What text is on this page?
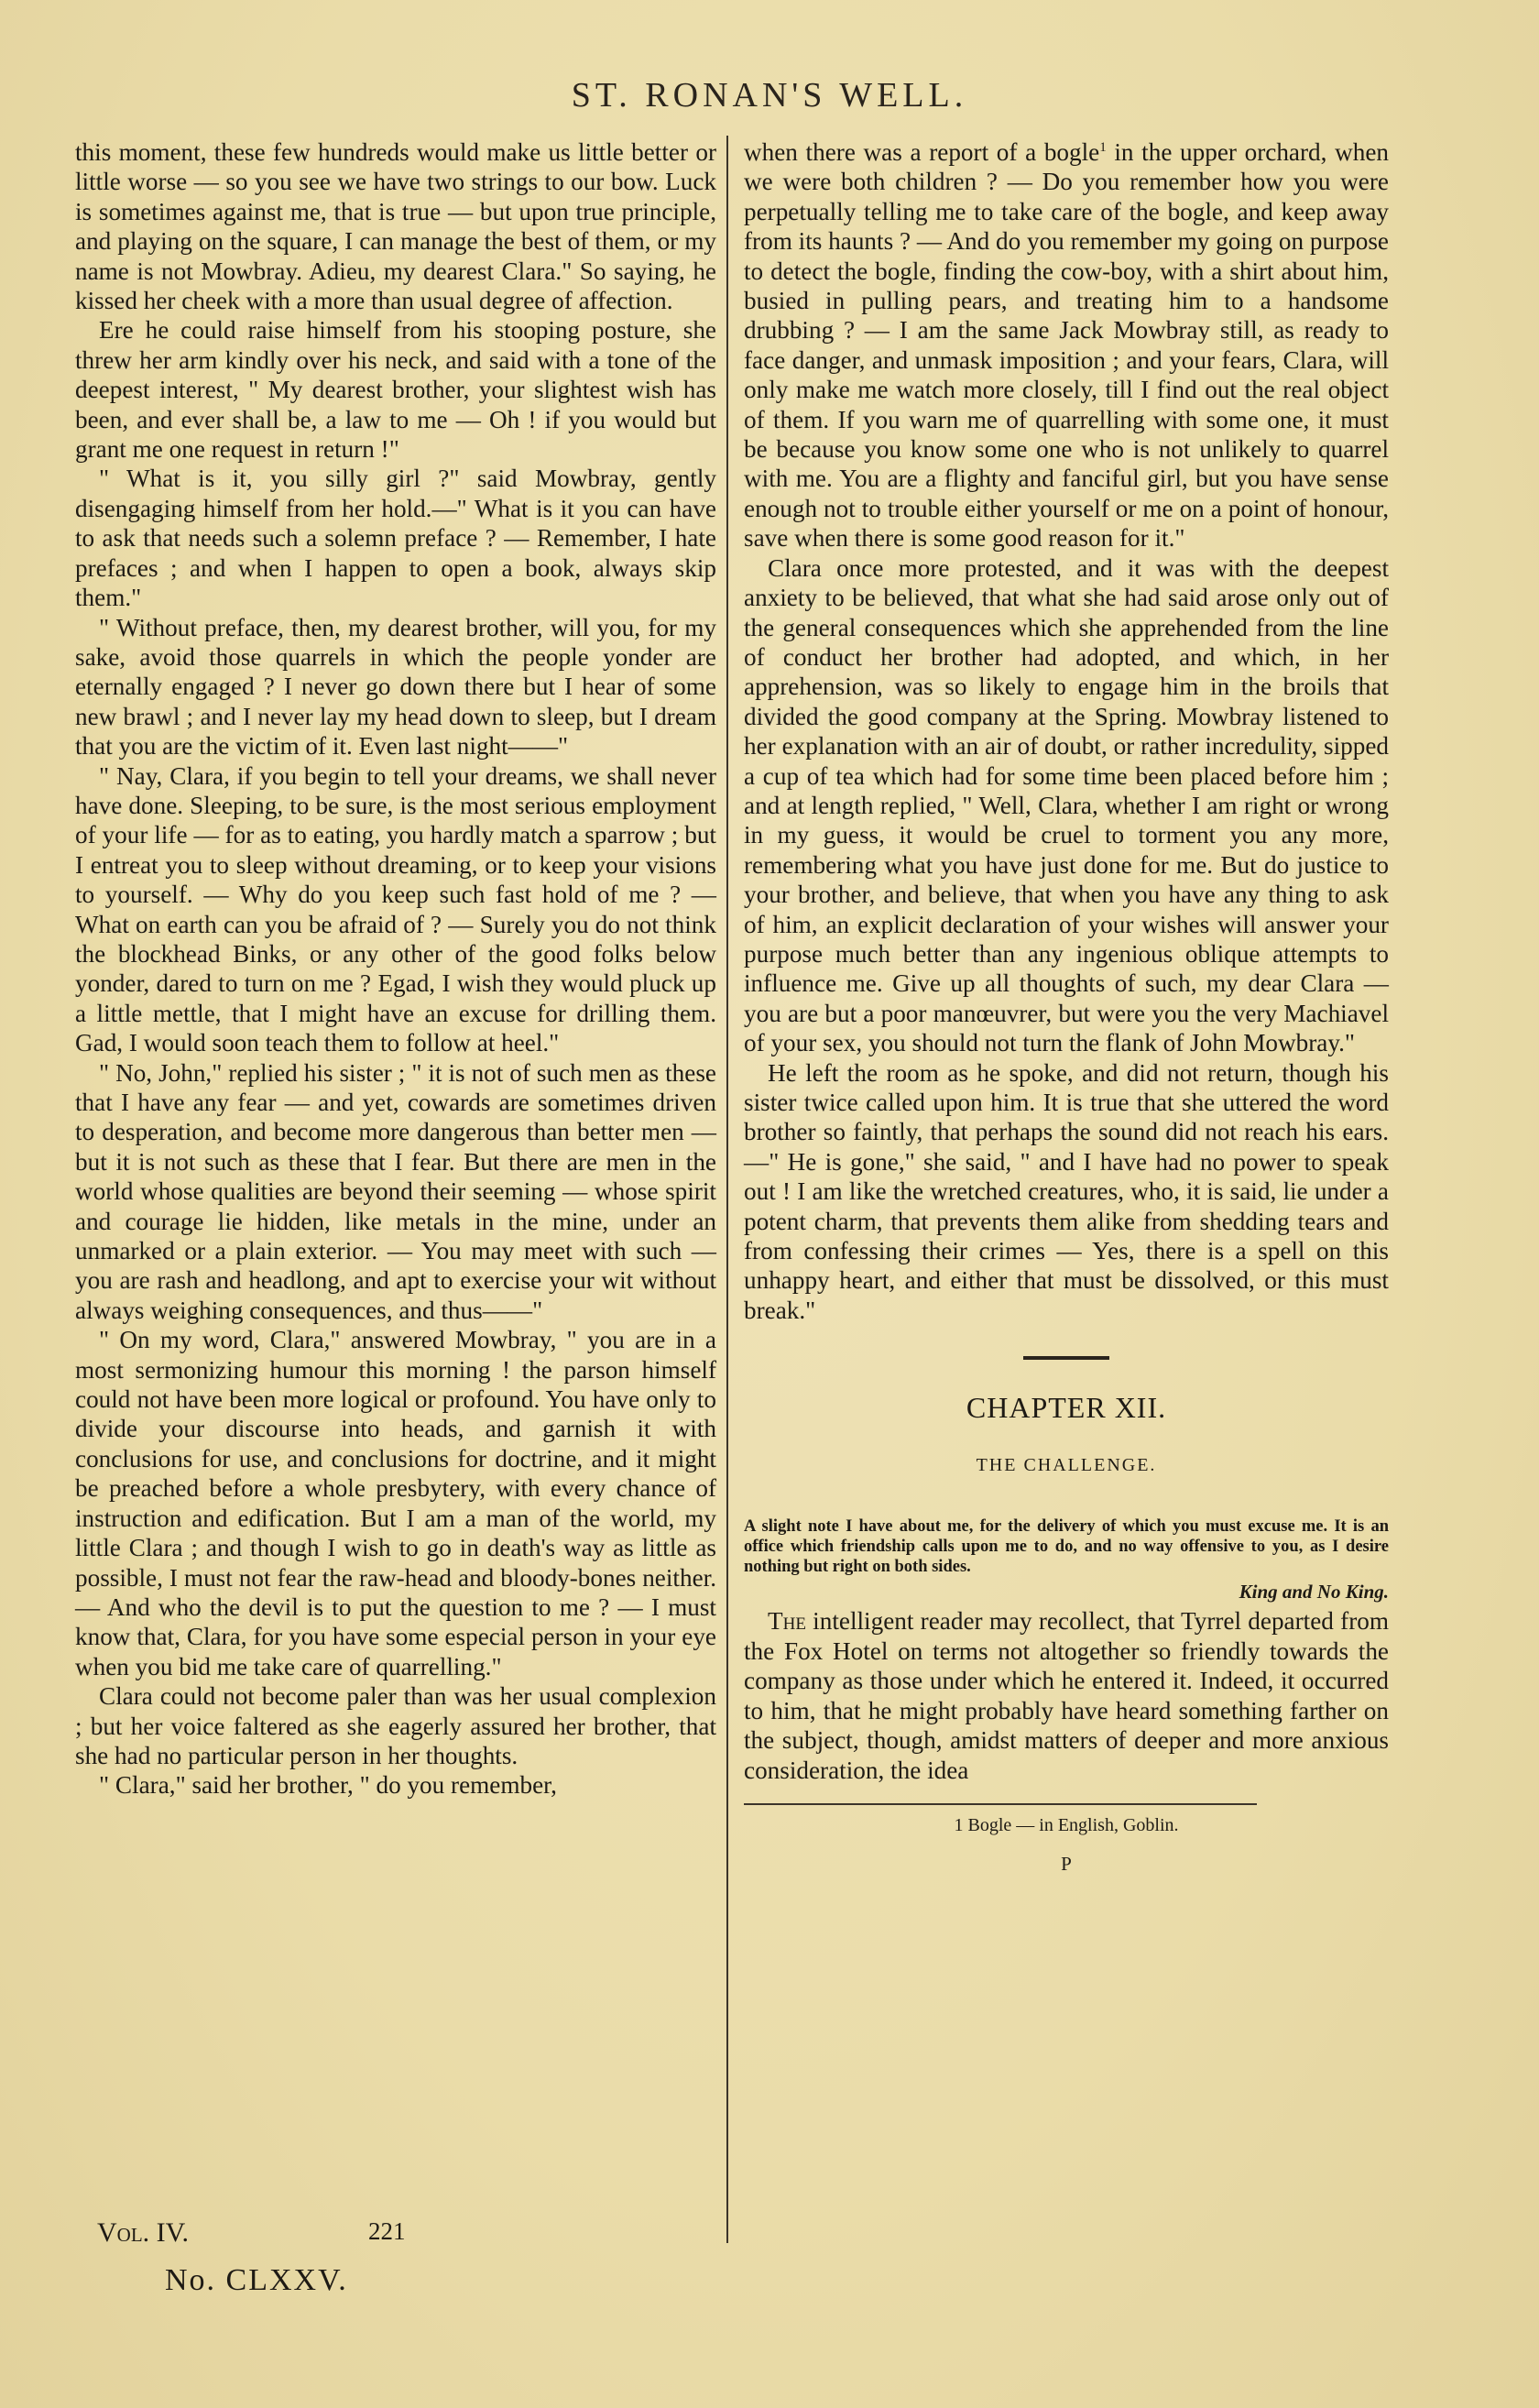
ST. RONAN'S WELL.

this moment, these few hundreds would make us little better or little worse — so you see we have two strings to our bow. Luck is sometimes against me, that is true — but upon true principle, and playing on the square, I can manage the best of them, or my name is not Mowbray. Adieu, my dearest Clara." So saying, he kissed her cheek with a more than usual degree of affection.

Ere he could raise himself from his stooping posture, she threw her arm kindly over his neck, and said with a tone of the deepest interest, " My dearest brother, your slightest wish has been, and ever shall be, a law to me — Oh ! if you would but grant me one request in return !"

" What is it, you silly girl ?" said Mowbray, gently disengaging himself from her hold.—" What is it you can have to ask that needs such a solemn preface ? — Remember, I hate prefaces ; and when I happen to open a book, always skip them."

" Without preface, then, my dearest brother, will you, for my sake, avoid those quarrels in which the people yonder are eternally engaged ? I never go down there but I hear of some new brawl ; and I never lay my head down to sleep, but I dream that you are the victim of it. Even last night——"

" Nay, Clara, if you begin to tell your dreams, we shall never have done. Sleeping, to be sure, is the most serious employment of your life — for as to eating, you hardly match a sparrow ; but I entreat you to sleep without dreaming, or to keep your visions to yourself. — Why do you keep such fast hold of me ? — What on earth can you be afraid of ? — Surely you do not think the blockhead Binks, or any other of the good folks below yonder, dared to turn on me ? Egad, I wish they would pluck up a little mettle, that I might have an excuse for drilling them. Gad, I would soon teach them to follow at heel."

" No, John," replied his sister ; " it is not of such men as these that I have any fear — and yet, cowards are sometimes driven to desperation, and become more dangerous than better men — but it is not such as these that I fear. But there are men in the world whose qualities are beyond their seeming — whose spirit and courage lie hidden, like metals in the mine, under an unmarked or a plain exterior. — You may meet with such — you are rash and headlong, and apt to exercise your wit without always weighing consequences, and thus——"

" On my word, Clara," answered Mowbray, " you are in a most sermonizing humour this morning ! the parson himself could not have been more logical or profound. You have only to divide your discourse into heads, and garnish it with conclusions for use, and conclusions for doctrine, and it might be preached before a whole presbytery, with every chance of instruction and edification. But I am a man of the world, my little Clara ; and though I wish to go in death's way as little as possible, I must not fear the raw-head and bloody-bones neither.— And who the devil is to put the question to me ? — I must know that, Clara, for you have some especial person in your eye when you bid me take care of quarrelling."

Clara could not become paler than was her usual complexion ; but her voice faltered as she eagerly assured her brother, that she had no particular person in her thoughts.

" Clara," said her brother, " do you remember,

Vol. IV.	221
No. CLXXV.

when there was a report of a bogle$^1$ in the upper orchard, when we were both children ? — Do you remember how you were perpetually telling me to take care of the bogle, and keep away from its haunts ? — And do you remember my going on purpose to detect the bogle, finding the cow-boy, with a shirt about him, busied in pulling pears, and treating him to a handsome drubbing ? — I am the same Jack Mowbray still, as ready to face danger, and unmask imposition ; and your fears, Clara, will only make me watch more closely, till I find out the real object of them. If you warn me of quarrelling with some one, it must be because you know some one who is not unlikely to quarrel with me. You are a flighty and fanciful girl, but you have sense enough not to trouble either yourself or me on a point of honour, save when there is some good reason for it."

Clara once more protested, and it was with the deepest anxiety to be believed, that what she had said arose only out of the general consequences which she apprehended from the line of conduct her brother had adopted, and which, in her apprehension, was so likely to engage him in the broils that divided the good company at the Spring. Mowbray listened to her explanation with an air of doubt, or rather incredulity, sipped a cup of tea which had for some time been placed before him ; and at length replied, " Well, Clara, whether I am right or wrong in my guess, it would be cruel to torment you any more, remembering what you have just done for me. But do justice to your brother, and believe, that when you have any thing to ask of him, an explicit declaration of your wishes will answer your purpose much better than any ingenious oblique attempts to influence me. Give up all thoughts of such, my dear Clara — you are but a poor manœuvrer, but were you the very Machiavel of your sex, you should not turn the flank of John Mowbray."

He left the room as he spoke, and did not return, though his sister twice called upon him. It is true that she uttered the word brother so faintly, that perhaps the sound did not reach his ears.—" He is gone," she said, " and I have had no power to speak out ! I am like the wretched creatures, who, it is said, lie under a potent charm, that prevents them alike from shedding tears and from confessing their crimes — Yes, there is a spell on this unhappy heart, and either that must be dissolved, or this must break."

CHAPTER XII.
THE CHALLENGE.

A slight note I have about me, for the delivery of which you must excuse me. It is an office which friendship calls upon me to do, and no way offensive to you, as I desire nothing but right on both sides.

King and No King.

The intelligent reader may recollect, that Tyrrel departed from the Fox Hotel on terms not altogether so friendly towards the company as those under which he entered it. Indeed, it occurred to him, that he might probably have heard something farther on the subject, though, amidst matters of deeper and more anxious consideration, the idea

1 Bogle — in English, Goblin.

P
